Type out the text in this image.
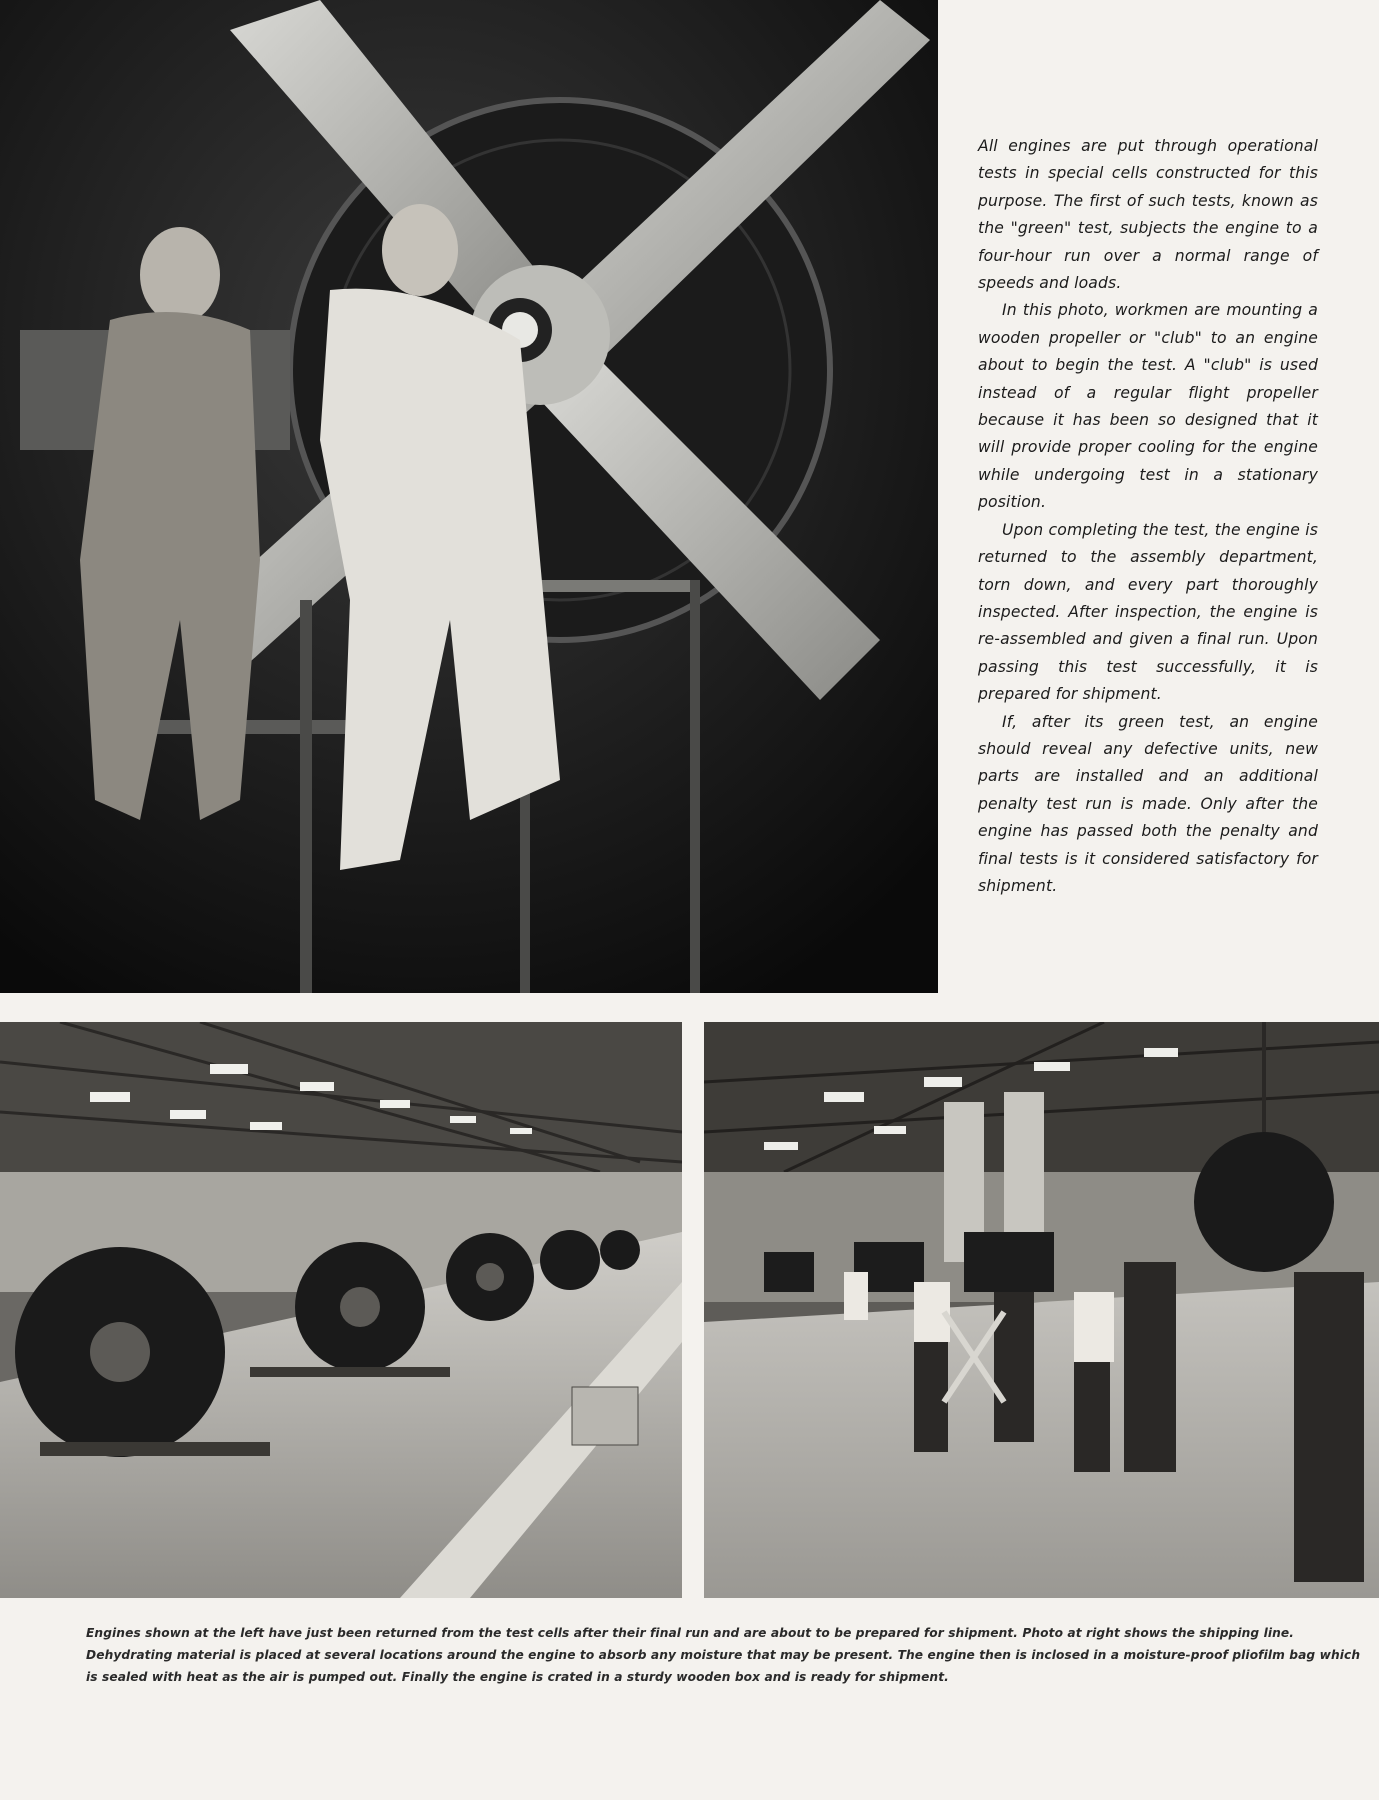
All engines are put through operational tests in special cells constructed for this purpose. The first of such tests, known as the "green" test, subjects the engine to a four-hour run over a normal range of speeds and loads.

In this photo, workmen are mounting a wooden propeller or "club" to an engine about to begin the test. A "club" is used instead of a regular flight propeller because it has been so designed that it will provide proper cooling for the engine while undergoing test in a stationary position.

Upon completing the test, the engine is returned to the assembly department, torn down, and every part thoroughly inspected. After inspection, the engine is re-assembled and given a final run. Upon passing this test successfully, it is prepared for shipment.

If, after its green test, an engine should reveal any defective units, new parts are installed and an additional penalty test run is made. Only after the engine has passed both the penalty and final tests is it considered satisfactory for shipment.

Engines shown at the left have just been returned from the test cells after their final run and are about to be prepared for shipment. Photo at right shows the shipping line. Dehydrating material is placed at several locations around the engine to absorb any moisture that may be present. The engine then is inclosed in a moisture-proof pliofilm bag which is sealed with heat as the air is pumped out. Finally the engine is crated in a sturdy wooden box and is ready for shipment.
